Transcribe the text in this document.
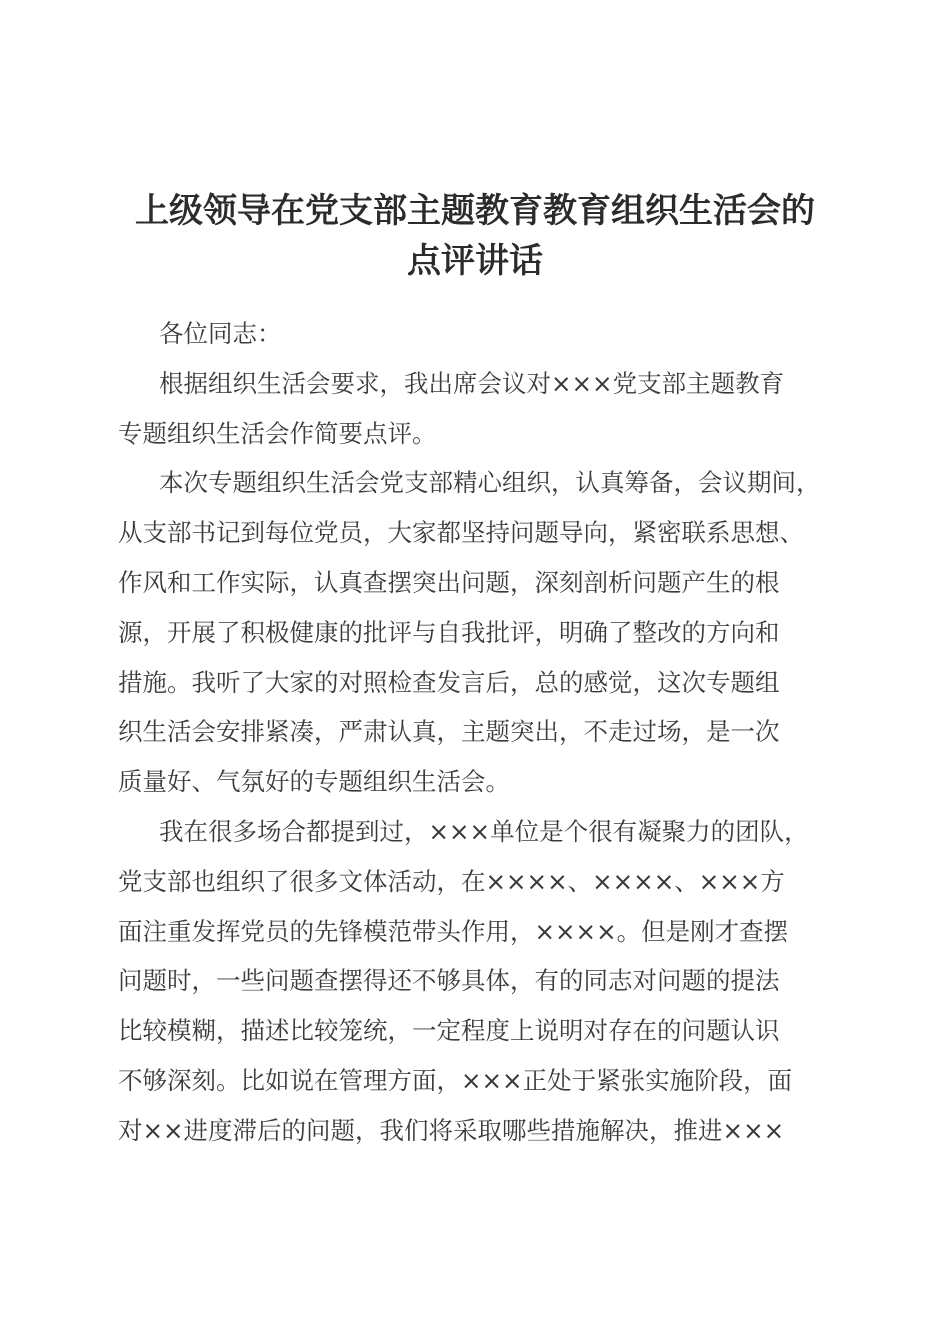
上级领导在党支部主题教育教育组织生活会的
点评讲话
各位同志：
根据组织生活会要求，我出席会议对×××党支部主题教育
专题组织生活会作简要点评。
本次专题组织生活会党支部精心组织，认真筹备，会议期间，
从支部书记到每位党员，大家都坚持问题导向，紧密联系思想、
作风和工作实际，认真查摆突出问题，深刻剖析问题产生的根
源，开展了积极健康的批评与自我批评，明确了整改的方向和
措施。我听了大家的对照检查发言后，总的感觉，这次专题组
织生活会安排紧凑，严肃认真，主题突出，不走过场，是一次
质量好、气氛好的专题组织生活会。
我在很多场合都提到过，×××单位是个很有凝聚力的团队，
党支部也组织了很多文体活动，在××××、××××、×××方
面注重发挥党员的先锋模范带头作用，××××。但是刚才查摆
问题时，一些问题查摆得还不够具体，有的同志对问题的提法
比较模糊，描述比较笼统，一定程度上说明对存在的问题认识
不够深刻。比如说在管理方面，×××正处于紧张实施阶段，面
对××进度滞后的问题，我们将采取哪些措施解决，推进×××
